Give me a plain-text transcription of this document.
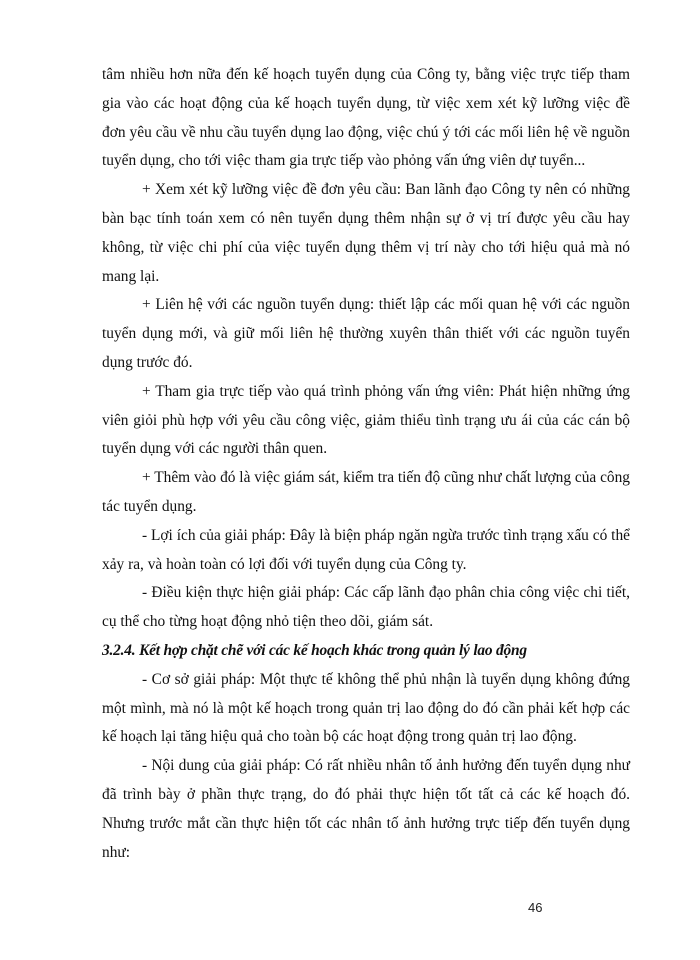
tâm nhiều hơn nữa đến kế hoạch tuyển dụng của Công ty, bằng việc trực tiếp tham gia vào các hoạt động của kế hoạch tuyển dụng, từ việc xem xét kỹ lưỡng việc đề đơn yêu cầu về nhu cầu tuyển dụng lao động, việc chú ý tới các mối liên hệ về nguồn tuyển dụng, cho tới việc tham gia trực tiếp vào phỏng vấn ứng viên dự tuyển...

+ Xem xét kỹ lưỡng việc đề đơn yêu cầu: Ban lãnh đạo Công ty nên có những bàn bạc tính toán xem có nên tuyển dụng thêm nhận sự ở vị trí được yêu cầu hay không, từ việc chi phí của việc tuyển dụng thêm vị trí này cho tới hiệu quả mà nó mang lại.

+ Liên hệ với các nguồn tuyển dụng: thiết lập các mối quan hệ với các nguồn tuyển dụng mới, và giữ mối liên hệ thường xuyên thân thiết với các nguồn tuyển dụng trước đó.

+ Tham gia trực tiếp vào quá trình phỏng vấn ứng viên: Phát hiện những ứng viên giỏi phù hợp với yêu cầu công việc, giảm thiểu tình trạng ưu ái của các cán bộ tuyển dụng với các người thân quen.

+ Thêm vào đó là việc giám sát, kiểm tra tiến độ cũng như chất lượng của công tác tuyển dụng.

- Lợi ích của giải pháp: Đây là biện pháp ngăn ngừa trước tình trạng xấu có thể xảy ra, và hoàn toàn có lợi đối với tuyển dụng của Công ty.

- Điều kiện thực hiện giải pháp: Các cấp lãnh đạo phân chia công việc chi tiết, cụ thể cho từng hoạt động nhỏ tiện theo dõi, giám sát.

3.2.4. Kết hợp chặt chẽ với các kế hoạch khác trong quản lý lao động

- Cơ sở giải pháp: Một thực tế không thể phủ nhận là tuyển dụng không đứng một mình, mà nó là một kế hoạch trong quản trị lao động do đó cần phải kết hợp các kế hoạch lại tăng hiệu quả cho toàn bộ các hoạt động trong quản trị lao động.

- Nội dung của giải pháp: Có rất nhiều nhân tố ảnh hưởng đến tuyển dụng như đã trình bày ở phần thực trạng, do đó phải thực hiện tốt tất cả các kế hoạch đó. Nhưng trước mắt cần thực hiện tốt các nhân tố ảnh hưởng trực tiếp đến tuyển dụng như:

46
